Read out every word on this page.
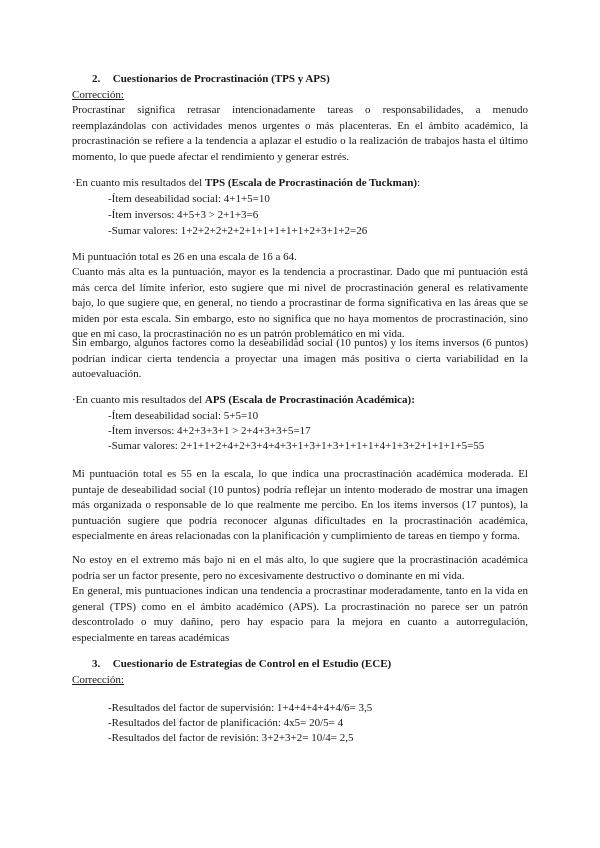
2. Cuestionarios de Procrastinación (TPS y APS)
Corrección:

Procrastinar significa retrasar intencionadamente tareas o responsabilidades, a menudo reemplazándolas con actividades menos urgentes o más placenteras. En el ámbito académico, la procrastinación se refiere a la tendencia a aplazar el estudio o la realización de trabajos hasta el último momento, lo que puede afectar el rendimiento y generar estrés.

·En cuanto mis resultados del TPS (Escala de Procrastinación de Tuckman):
-Ítem deseabilidad social: 4+1+5=10
-Ítem inversos: 4+5+3 > 2+1+3=6
-Sumar valores: 1+2+2+2+2+2+1+1+1+1+1+2+3+1+2=26

Mi puntuación total es 26 en una escala de 16 a 64.

Cuanto más alta es la puntuación, mayor es la tendencia a procrastinar. Dado que mi puntuación está más cerca del límite inferior, esto sugiere que mi nivel de procrastinación general es relativamente bajo, lo que sugiere que, en general, no tiendo a procrastinar de forma significativa en las áreas que se miden por esta escala. Sin embargo, esto no significa que no haya momentos de procrastinación, sino que en mi caso, la procrastinación no es un patrón problemático en mi vida.

Sin embargo, algunos factores como la deseabilidad social (10 puntos) y los ítems inversos (6 puntos) podrían indicar cierta tendencia a proyectar una imagen más positiva o cierta variabilidad en la autoevaluación.

·En cuanto mis resultados del APS (Escala de Procrastinación Académica):
-Ítem deseabilidad social: 5+5=10
-Ítem inversos: 4+2+3+3+1 > 2+4+3+3+5=17
-Sumar valores: 2+1+1+2+4+2+3+4+4+3+1+3+1+3+1+1+1+4+1+3+2+1+1+1+5=55

Mi puntuación total es 55 en la escala, lo que indica una procrastinación académica moderada. El puntaje de deseabilidad social (10 puntos) podría reflejar un intento moderado de mostrar una imagen más organizada o responsable de lo que realmente me percibo. En los ítems inversos (17 puntos), la puntuación sugiere que podría reconocer algunas dificultades en la procrastinación académica, especialmente en áreas relacionadas con la planificación y cumplimiento de tareas en tiempo y forma.

No estoy en el extremo más bajo ni en el más alto, lo que sugiere que la procrastinación académica podría ser un factor presente, pero no excesivamente destructivo o dominante en mi vida.

En general, mis puntuaciones indican una tendencia a procrastinar moderadamente, tanto en la vida en general (TPS) como en el ámbito académico (APS). La procrastinación no parece ser un patrón descontrolado o muy dañino, pero hay espacio para la mejora en cuanto a autorregulación, especialmente en tareas académicas

3. Cuestionario de Estrategias de Control en el Estudio (ECE)
Corrección:
-Resultados del factor de supervisión: 1+4+4+4+4+4/6= 3,5
-Resultados del factor de planificación: 4x5= 20/5= 4
-Resultados del factor de revisión: 3+2+3+2= 10/4= 2,5
